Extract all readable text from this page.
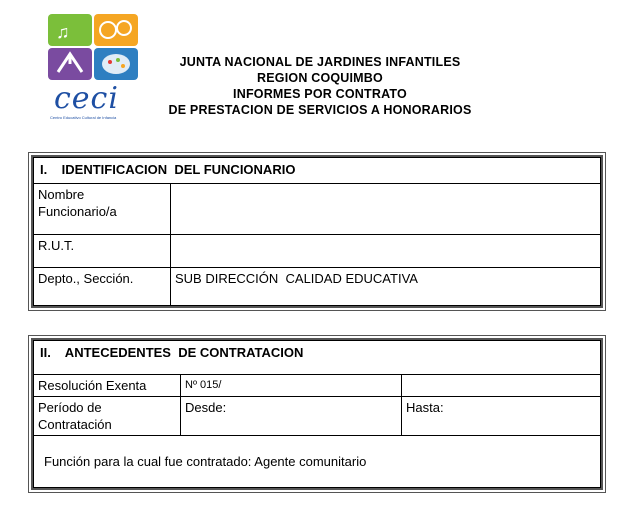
♫
ceci
Centro Educativo Cultural de Infancia
JUNTA NACIONAL DE JARDINES INFANTILES
REGION COQUIMBO
INFORMES POR CONTRATO
DE PRESTACION DE SERVICIOS A HONORARIOS
I.    IDENTIFICACION  DEL FUNCIONARIO	
Nombre Funcionario/a	
R.U.T.	
Depto., Sección.	SUB DIRECCIÓN  CALIDAD EDUCATIVA
II.    ANTECEDENTES  DE CONTRATACION		
Resolución Exenta	Nº 015/	
Período de Contratación	Desde:	Hasta:
Función para la cual fue contratado: Agente comunitario		
